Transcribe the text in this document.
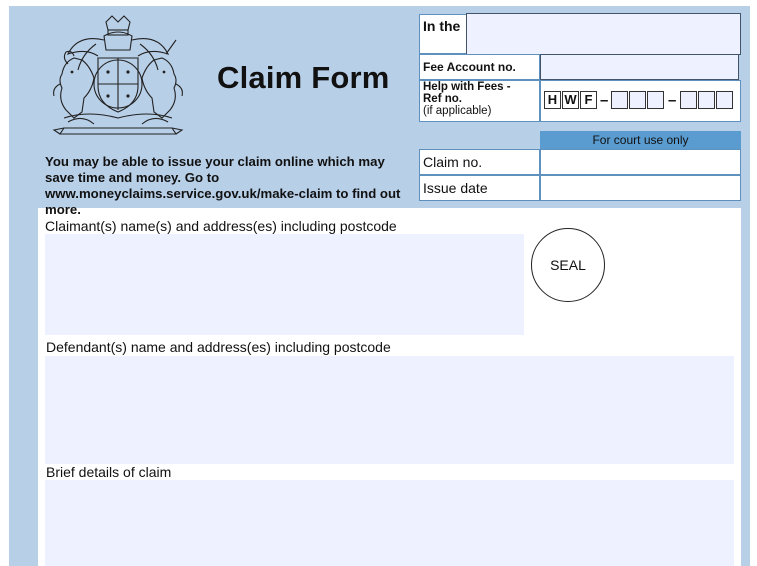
Claim Form
You may be able to issue your claim online which may save time and money. Go to www.moneyclaims.service.gov.uk/make-claim to find out more.
In the
Fee Account no.
Help with Fees -
Ref no.
(if applicable)
H W F –	–
For court use only
Claim no.
Issue date
Claimant(s) name(s) and address(es) including postcode
SEAL
Defendant(s) name and address(es) including postcode
Brief details of claim
